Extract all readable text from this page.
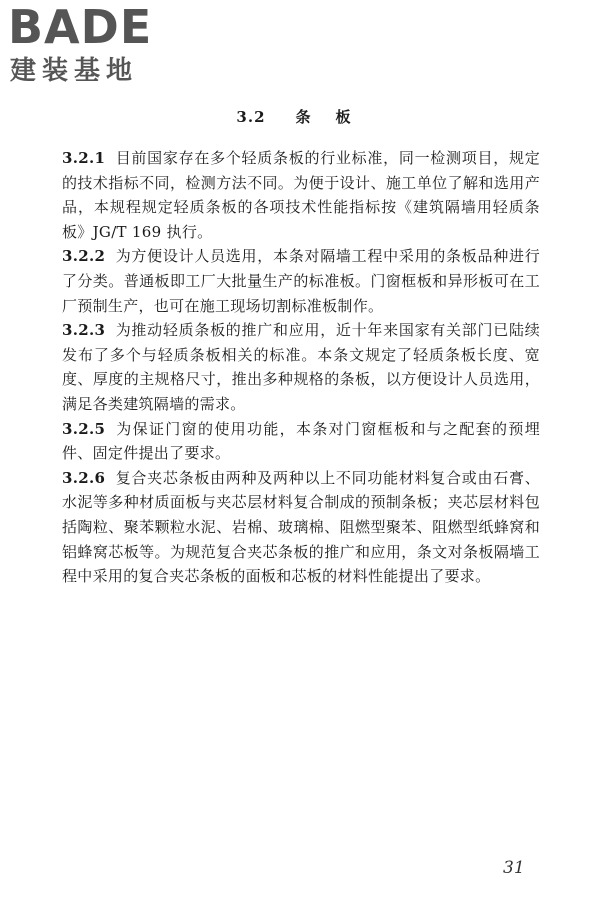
BADE
建装基地
3.2 条 板

3.2.1 目前国家存在多个轻质条板的行业标准，同一检测项目，规定的技术指标不同，检测方法不同。为便于设计、施工单位了解和选用产品，本规程规定轻质条板的各项技术性能指标按《建筑隔墙用轻质条板》JG/T 169 执行。

3.2.2 为方便设计人员选用，本条对隔墙工程中采用的条板品种进行了分类。普通板即工厂大批量生产的标准板。门窗框板和异形板可在工厂预制生产，也可在施工现场切割标准板制作。

3.2.3 为推动轻质条板的推广和应用，近十年来国家有关部门已陆续发布了多个与轻质条板相关的标准。本条文规定了轻质条板长度、宽度、厚度的主规格尺寸，推出多种规格的条板，以方便设计人员选用，满足各类建筑隔墙的需求。

3.2.5 为保证门窗的使用功能，本条对门窗框板和与之配套的预埋件、固定件提出了要求。

3.2.6 复合夹芯条板由两种及两种以上不同功能材料复合或由石膏、水泥等多种材质面板与夹芯层材料复合制成的预制条板；夹芯层材料包括陶粒、聚苯颗粒水泥、岩棉、玻璃棉、阻燃型聚苯、阻燃型纸蜂窝和铝蜂窝芯板等。为规范复合夹芯条板的推广和应用，条文对条板隔墙工程中采用的复合夹芯条板的面板和芯板的材料性能提出了要求。

31
